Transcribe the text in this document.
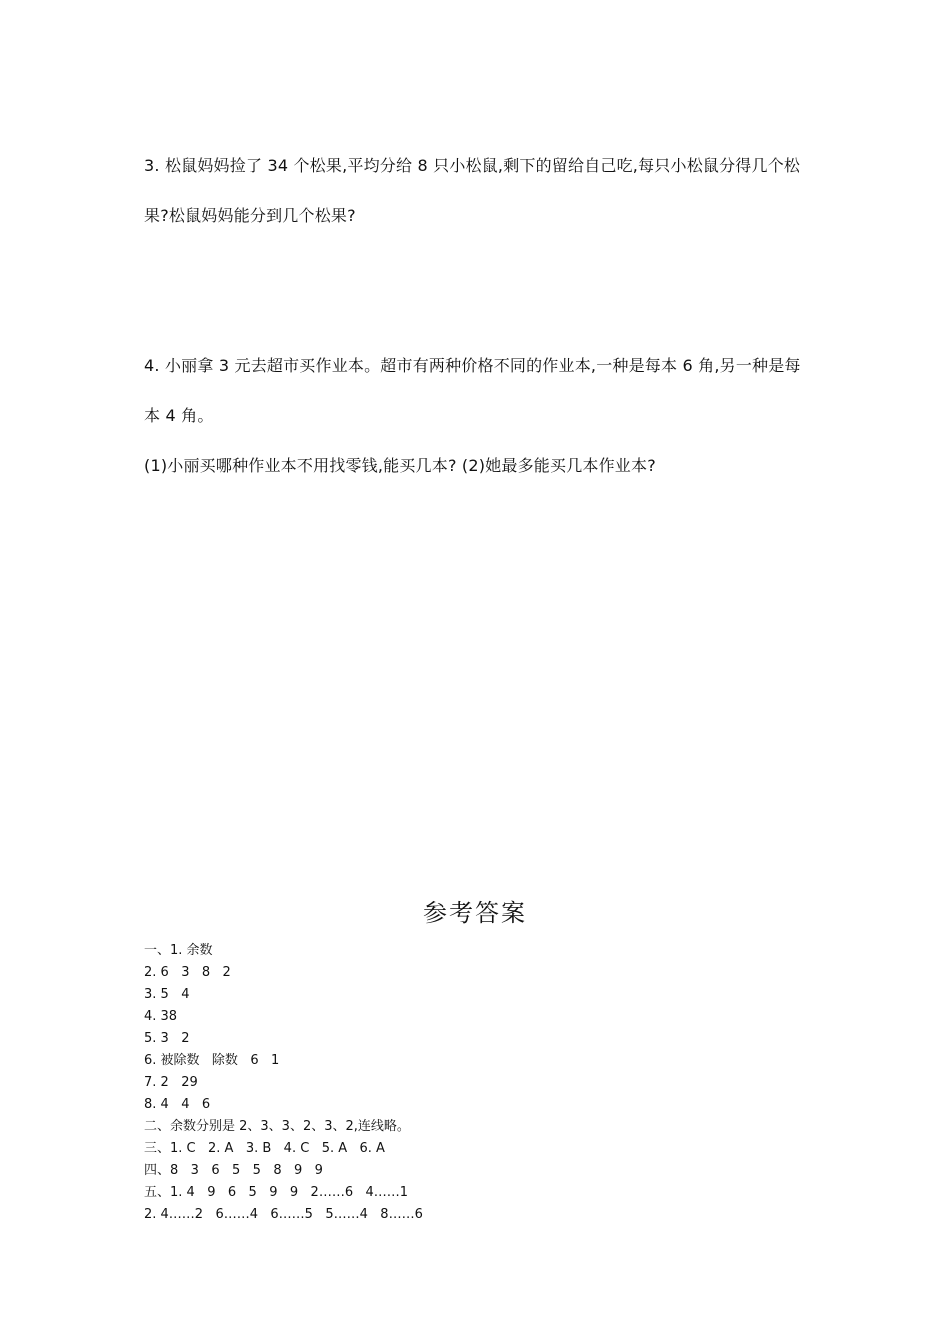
3. 松鼠妈妈捡了 34 个松果,平均分给 8 只小松鼠,剩下的留给自己吃,每只小松鼠分得几个松
果?松鼠妈妈能分到几个松果?
4. 小丽拿 3 元去超市买作业本。超市有两种价格不同的作业本,一种是每本 6 角,另一种是每
本 4 角。
(1)小丽买哪种作业本不用找零钱,能买几本? (2)她最多能买几本作业本?
参考答案
一、1. 余数
2. 6   3   8   2
3. 5   4
4. 38
5. 3   2
6. 被除数   除数   6   1
7. 2   29
8. 4   4   6
二、余数分别是 2、3、3、2、3、2,连线略。
三、1. C   2. A   3. B   4. C   5. A   6. A
四、8   3   6   5   5   8   9   9
五、1. 4   9   6   5   9   9   2……6   4……1
2. 4……2   6……4   6……5   5……4   8……6
